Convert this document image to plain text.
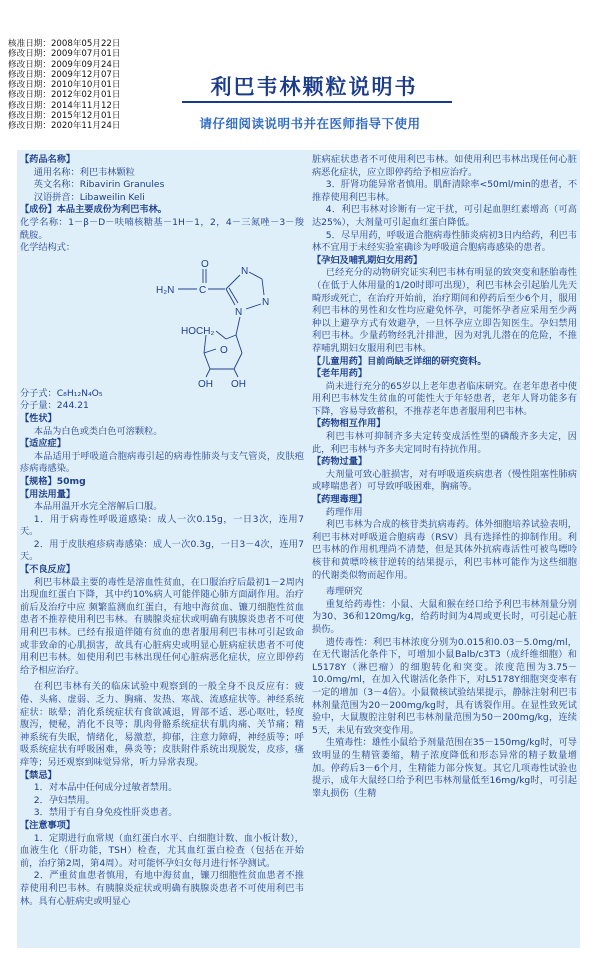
核准日期：2008年05月22日
修改日期：2009年07月01日
修改日期：2009年09月24日
修改日期：2009年12月07日
修改日期：2010年10月01日
修改日期：2012年02月01日
修改日期：2014年11月12日
修改日期：2015年12月01日
修改日期：2020年11月24日
利巴韦林颗粒说明书
请仔细阅读说明书并在医师指导下使用

【药品名称】

通用名称：利巴韦林颗粒

英文名称：Ribavirin Granules

汉语拼音：Libaweilin Keli

【成份】本品主要成份为利巴韦林。

化学名称：1－β－D－呋喃核糖基－1H－1，2，4－三氮唑－3－羧酰胺。

化学结构式：

O
H₂N C
N
N
N
HOCH₂
O
OH OH

分子式：C₈H₁₂N₄O₅

分子量：244.21

【性状】

本品为白色或类白色可溶颗粒。

【适应症】

本品适用于呼吸道合胞病毒引起的病毒性肺炎与支气管炎，皮肤疱疹病毒感染。

【规格】50mg

【用法用量】

本品用温开水完全溶解后口服。

1．用于病毒性呼吸道感染：成人一次0.15g，一日3次，连用7天。

2．用于皮肤疱疹病毒感染：成人一次0.3g，一日3－4次，连用7天。

【不良反应】

利巴韦林最主要的毒性是溶血性贫血，在口服治疗后最初1－2周内出现血红蛋白下降，其中约10%病人可能伴随心肺方面副作用。治疗前后及治疗中应 频繁监测血红蛋白，有地中海贫血、镰刀细胞性贫血患者不推荐使用利巴韦林。有胰腺炎症状或明确有胰腺炎患者不可使用利巴韦林。已经有报道伴随有贫血的患者服用利巴韦林可引起致命或非致命的心肌损害，故具有心脏病史或明显心脏病症状患者不可使用利巴韦林。如使用利巴韦林出现任何心脏病恶化症状，应立即停药给予相应治疗。

在利巴韦林有关的临床试验中观察到的一般全身不良反应有：疲倦、头痛、虚弱、乏力、胸痛、发热、寒战、流感症状等。神经系统症状：眩晕；消化系统症状有食欲减退，胃部不适、恶心呕吐，轻度腹泻，便秘，消化不良等；肌肉骨骼系统症状有肌肉痛、关节痛；精神系统有失眠，情绪化，易激惹，抑郁，注意力障碍，神经质等；呼吸系统症状有呼吸困难，鼻炎等；皮肤附件系统出现脱发，皮疹，瘙痒等；另还观察到味觉异常，听力异常表现。

【禁忌】

1．对本品中任何成分过敏者禁用。

2．孕妇禁用。

3．禁用于有自身免疫性肝炎患者。

【注意事项】

1．定期进行血常规（血红蛋白水平、白细胞计数、血小板计数），血液生化（肝功能，TSH）检查，尤其血红蛋白检查（包括在开始前，治疗第2周，第4周）。对可能怀孕妇女每月进行怀孕测试。

2．严重贫血患者慎用，有地中海贫血，镰刀细胞性贫血患者不推荐使用利巴韦林。有胰腺炎症状或明确有胰腺炎患者不可使用利巴韦林。具有心脏病史或明显心

脏病症状患者不可使用利巴韦林。如使用利巴韦林出现任何心脏病恶化症状，应立即停药给予相应治疗。

3．肝肾功能异常者慎用。肌酐清除率<50ml/min的患者，不推荐使用利巴韦林。

4．利巴韦林对诊断有一定干扰，可引起血胆红素增高（可高达25%），大剂量可引起血红蛋白降低。

5．尽早用药，呼吸道合胞病毒性肺炎病初3日内给药，利巴韦林不宜用于未经实验室确诊为呼吸道合胞病毒感染的患者。

【孕妇及哺乳期妇女用药】

已经充分的动物研究证实利巴韦林有明显的致突变和胚胎毒性（在低于人体用量的1/20时即可出现），利巴韦林会引起胎儿先天畸形或死亡，在治疗开始前，治疗期间和停药后至少6个月，服用利巴韦林的男性和女性均应避免怀孕，可能怀孕者应采用至少两种以上避孕方式有效避孕，一旦怀孕应立即告知医生。孕妇禁用利巴韦林。少量药物经乳汁排泄，因为对乳儿潜在的危险，不推荐哺乳期妇女服用利巴韦林。

【儿童用药】目前尚缺乏详细的研究资料。

【老年用药】

尚未进行充分的65岁以上老年患者临床研究。在老年患者中使用利巴韦林发生贫血的可能性大于年轻患者，老年人肾功能多有下降，容易导致蓄积，不推荐老年患者服用利巴韦林。

【药物相互作用】

利巴韦林可抑制齐多夫定转变成活性型的磷酸齐多夫定，因此，利巴韦林与齐多夫定同时有持抗作用。

【药物过量】

大剂量可致心脏损害，对有呼吸道疾病患者（慢性阻塞性肺病或哮喘患者）可导致呼吸困难，胸痛等。

【药理毒理】

药理作用

利巴韦林为合成的核苷类抗病毒药。体外细胞培养试验表明，利巴韦林对呼吸道合胞病毒（RSV）具有选择性的抑制作用。利巴韦林的作用机理尚不清楚，但是其体外抗病毒活性可被鸟嘌呤核苷和黄嘌呤核苷逆转的结果提示，利巴韦林可能作为这些细胞的代谢类似物而起作用。

毒理研究

重复给药毒性：小鼠、大鼠和猴在经口给予利巴韦林剂量分别为30、36和120mg/kg，给药时间为4周或更长时，可引起心脏损伤。

遗传毒性：利巴韦林浓度分别为0.015和0.03－5.0mg/ml，在无代谢活化条件下，可增加小鼠Balb/c3T3（成纤维细胞）和L5178Y（淋巴瘤）的细胞转化和突变。浓度范围为3.75－10.0mg/ml，在加入代谢活化条件下，对L5178Y细胞突变率有一定的增加（3－4倍）。小鼠微核试验结果提示，静脉注射利巴韦林剂量范围为20－200mg/kg时，具有诱裂作用。在显性致死试验中，大鼠腹腔注射利巴韦林剂量范围为50－200mg/kg，连续5天，未见有致突变作用。

生殖毒性：雄性小鼠给予剂量范围在35－150mg/kg时，可导致明显的生精管萎缩，精子浓度降低和形态异常的精子数量增加。停药后3－6个月，生精能力部分恢复。其它几项毒性试验也提示，成年大鼠经口给予利巴韦林剂量低至16mg/kg时，可引起睾丸损伤（生精
